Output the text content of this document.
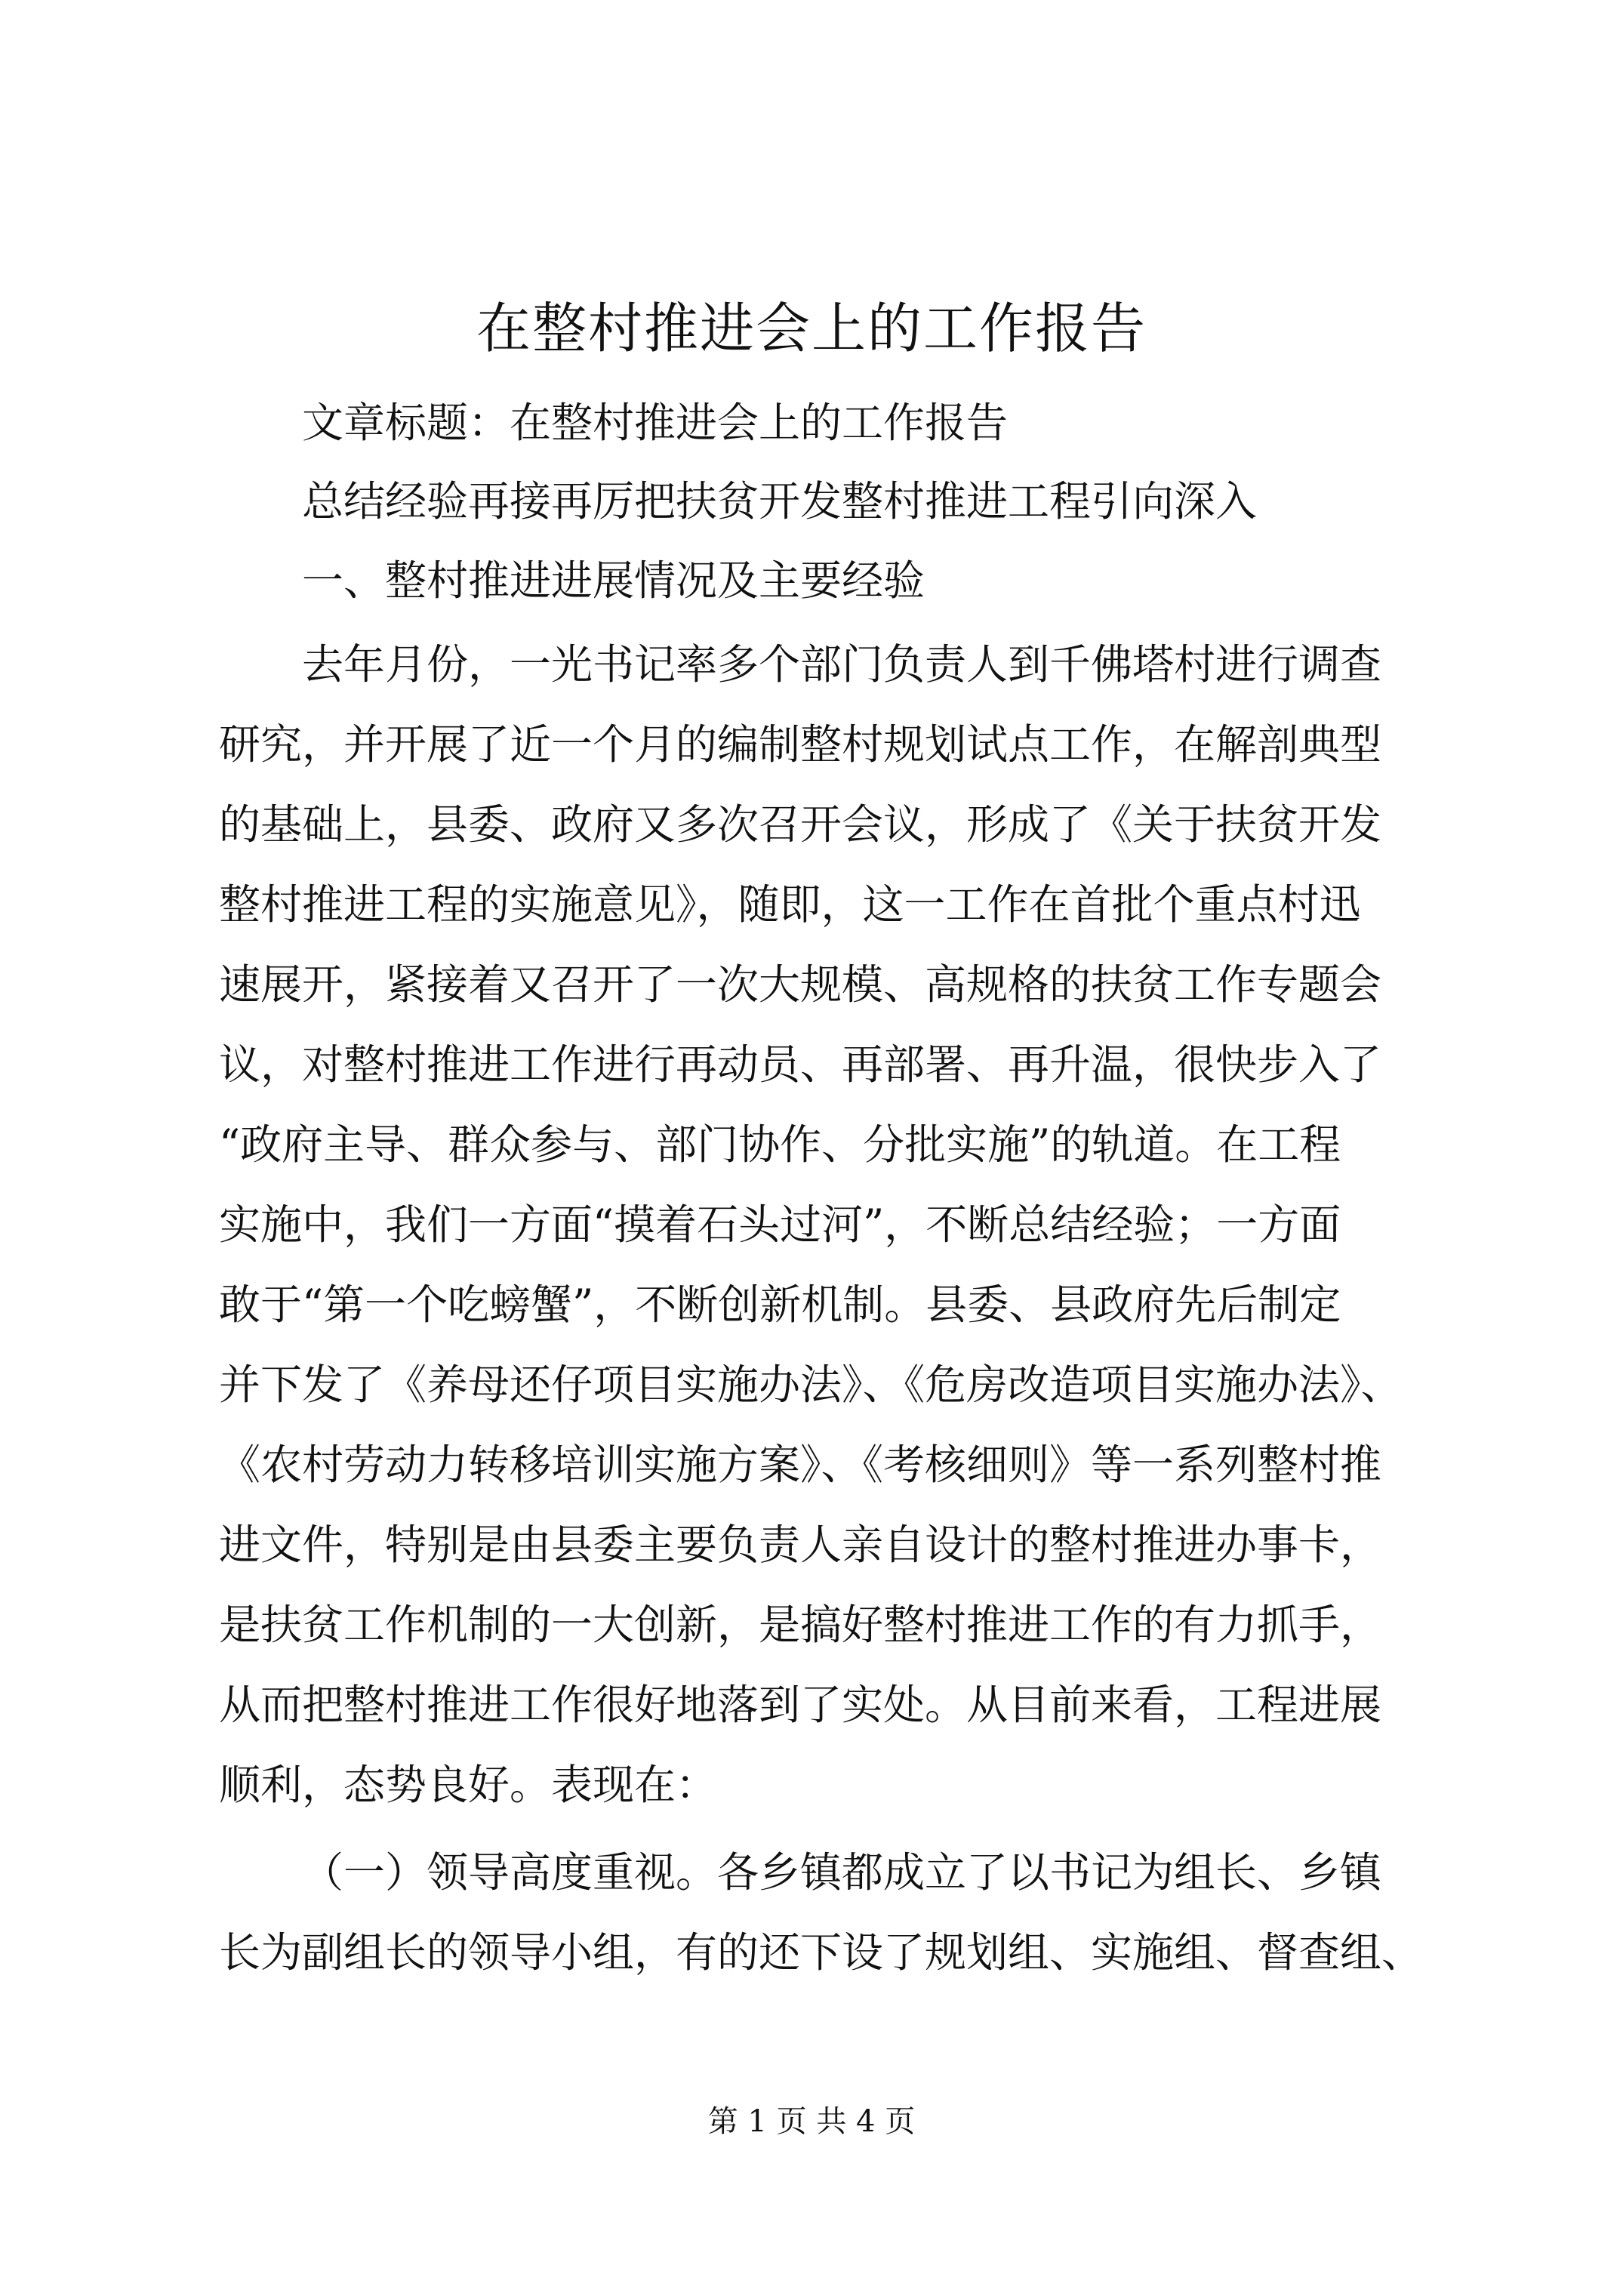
在整村推进会上的工作报告

文章标题：在整村推进会上的工作报告

总结经验再接再厉把扶贫开发整村推进工程引向深入

一、整村推进进展情况及主要经验

去年月份，一光书记率多个部门负责人到千佛塔村进行调查

研究，并开展了近一个月的编制整村规划试点工作，在解剖典型

的基础上，县委、政府又多次召开会议，形成了《关于扶贫开发

整村推进工程的实施意见》，随即，这一工作在首批个重点村迅

速展开，紧接着又召开了一次大规模、高规格的扶贫工作专题会

议，对整村推进工作进行再动员、再部署、再升温，很快步入了

“政府主导、群众参与、部门协作、分批实施”的轨道。在工程

实施中，我们一方面“摸着石头过河”，不断总结经验；一方面

敢于“第一个吃螃蟹”，不断创新机制。县委、县政府先后制定

并下发了《养母还仔项目实施办法》、《危房改造项目实施办法》、

《农村劳动力转移培训实施方案》、《考核细则》等一系列整村推

进文件，特别是由县委主要负责人亲自设计的整村推进办事卡，

是扶贫工作机制的一大创新，是搞好整村推进工作的有力抓手，

从而把整村推进工作很好地落到了实处。从目前来看，工程进展

顺利，态势良好。表现在：

（一）领导高度重视。各乡镇都成立了以书记为组长、乡镇

长为副组长的领导小组，有的还下设了规划组、实施组、督查组、

第 1 页 共 4 页
